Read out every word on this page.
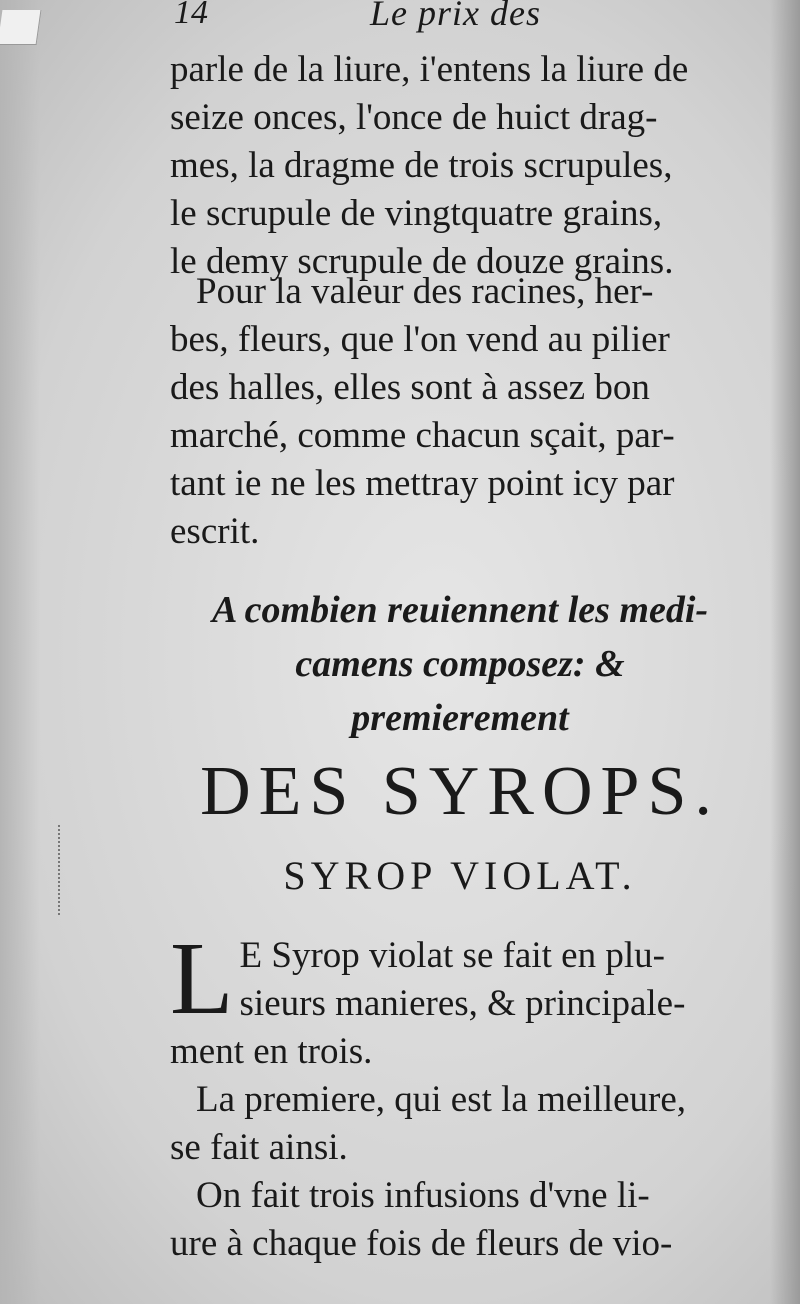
14	Le prix des
parle de la liure, i'entens la liure de
seize onces, l'once de huict drag-
mes, la dragme de trois scrupules,
le scrupule de vingtquatre grains,
le demy scrupule de douze grains.
Pour la valeur des racines, her-
bes, fleurs, que l'on vend au pilier
des halles, elles sont à assez bon
marché, comme chacun sçait, par-
tant ie ne les mettray point icy par
escrit.
A combien reuiennent les medi-
camens composez: &
premierement
DES SYROPS.
SYROP VIOLAT.
L E Syrop violat se fait en plu-
sieurs manieres, & principale-
ment en trois.
La premiere, qui est la meilleure,
se fait ainsi.
On fait trois infusions d'vne li-
ure à chaque fois de fleurs de vio-
